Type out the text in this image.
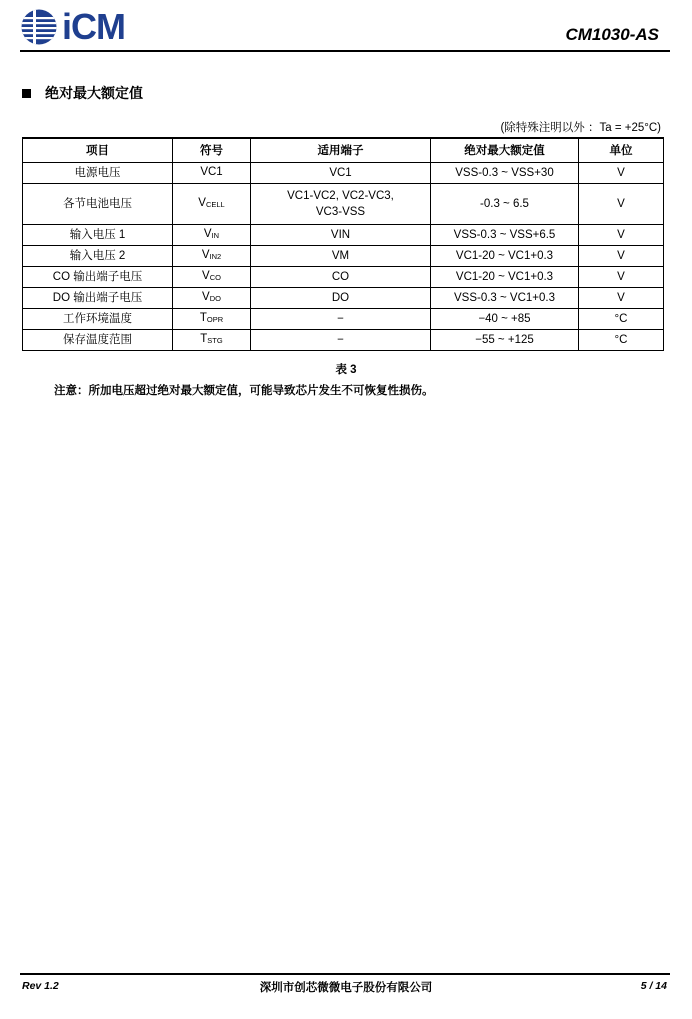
iCM	CM1030-AS
绝对最大额定值
(除特殊注明以外 ：Ta = +25°C)
项目	符号	适用端子	绝对最大额定值	单位
电源电压	VC1	VC1	VSS-0.3 ~ VSS+30	V
各节电池电压	VCELL	VC1-VC2, VC2-VC3,
VC3-VSS	-0.3 ~ 6.5	V
输入电压 1	VIN	VIN	VSS-0.3 ~ VSS+6.5	V
输入电压 2	VIN2	VM	VC1-20 ~ VC1+0.3	V
CO 输出端子电压	VCO	CO	VC1-20 ~ VC1+0.3	V
DO 输出端子电压	VDO	DO	VSS-0.3 ~ VC1+0.3	V
工作环境温度	TOPR	−	−40 ~ +85	°C
保存温度范围	TSTG	−	−55 ~ +125	°C
表 3
注意：所加电压超过绝对最大额定值，可能导致芯片发生不可恢复性损伤。
Rev 1.2	深圳市创芯微微电子股份有限公司	5 / 14
